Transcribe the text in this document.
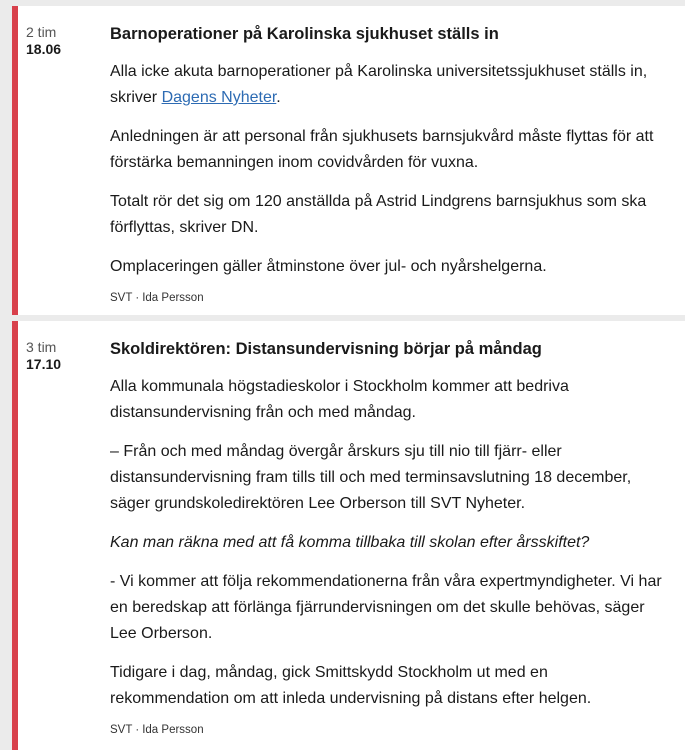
2 tim
18.06
Barnoperationer på Karolinska sjukhuset ställs in

Alla icke akuta barnoperationer på Karolinska universitetssjukhuset ställs in, skriver Dagens Nyheter.

Anledningen är att personal från sjukhusets barnsjukvård måste flyttas för att förstärka bemanningen inom covidvården för vuxna.

Totalt rör det sig om 120 anställda på Astrid Lindgrens barnsjukhus som ska förflyttas, skriver DN.

Omplaceringen gäller åtminstone över jul- och nyårshelgerna.

SVT · Ida Persson
3 tim
17.10
Skoldirektören: Distansundervisning börjar på måndag

Alla kommunala högstadieskolor i Stockholm kommer att bedriva distansundervisning från och med måndag.

– Från och med måndag övergår årskurs sju till nio till fjärr- eller distansundervisning fram tills till och med terminsavslutning 18 december, säger grundskoledirektören Lee Orberson till SVT Nyheter.

Kan man räkna med att få komma tillbaka till skolan efter årsskiftet?

- Vi kommer att följa rekommendationerna från våra expertmyndigheter. Vi har en beredskap att förlänga fjärrundervisningen om det skulle behövas, säger Lee Orberson.

Tidigare i dag, måndag, gick Smittskydd Stockholm ut med en rekommendation om att inleda undervisning på distans efter helgen.

SVT · Ida Persson
